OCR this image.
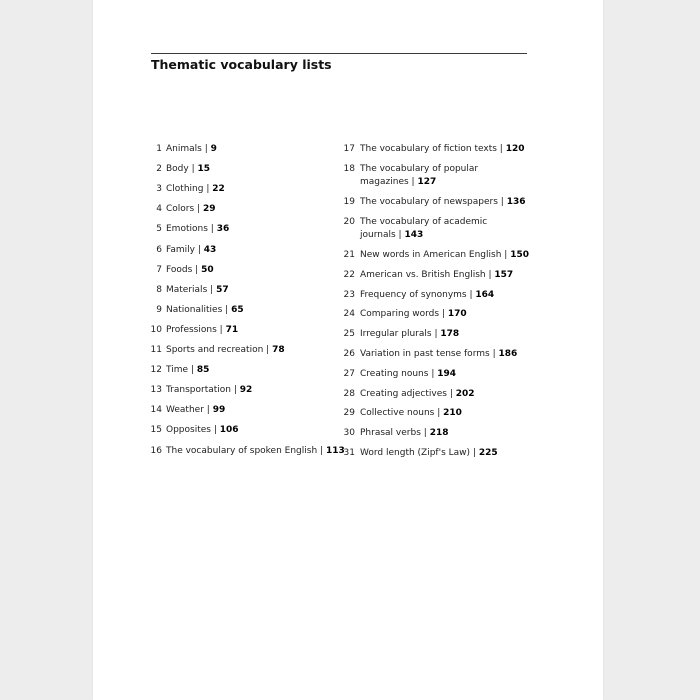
Thematic vocabulary lists
1 Animals | 9
2 Body | 15
3 Clothing | 22
4 Colors | 29
5 Emotions | 36
6 Family | 43
7 Foods | 50
8 Materials | 57
9 Nationalities | 65
10 Professions | 71
11 Sports and recreation | 78
12 Time | 85
13 Transportation | 92
14 Weather | 99
15 Opposites | 106
16 The vocabulary of spoken English | 113
17 The vocabulary of fiction texts | 120
18 The vocabulary of popular
magazines | 127
19 The vocabulary of newspapers | 136
20 The vocabulary of academic
journals | 143
21 New words in American English | 150
22 American vs. British English | 157
23 Frequency of synonyms | 164
24 Comparing words | 170
25 Irregular plurals | 178
26 Variation in past tense forms | 186
27 Creating nouns | 194
28 Creating adjectives | 202
29 Collective nouns | 210
30 Phrasal verbs | 218
31 Word length (Zipf's Law) | 225
